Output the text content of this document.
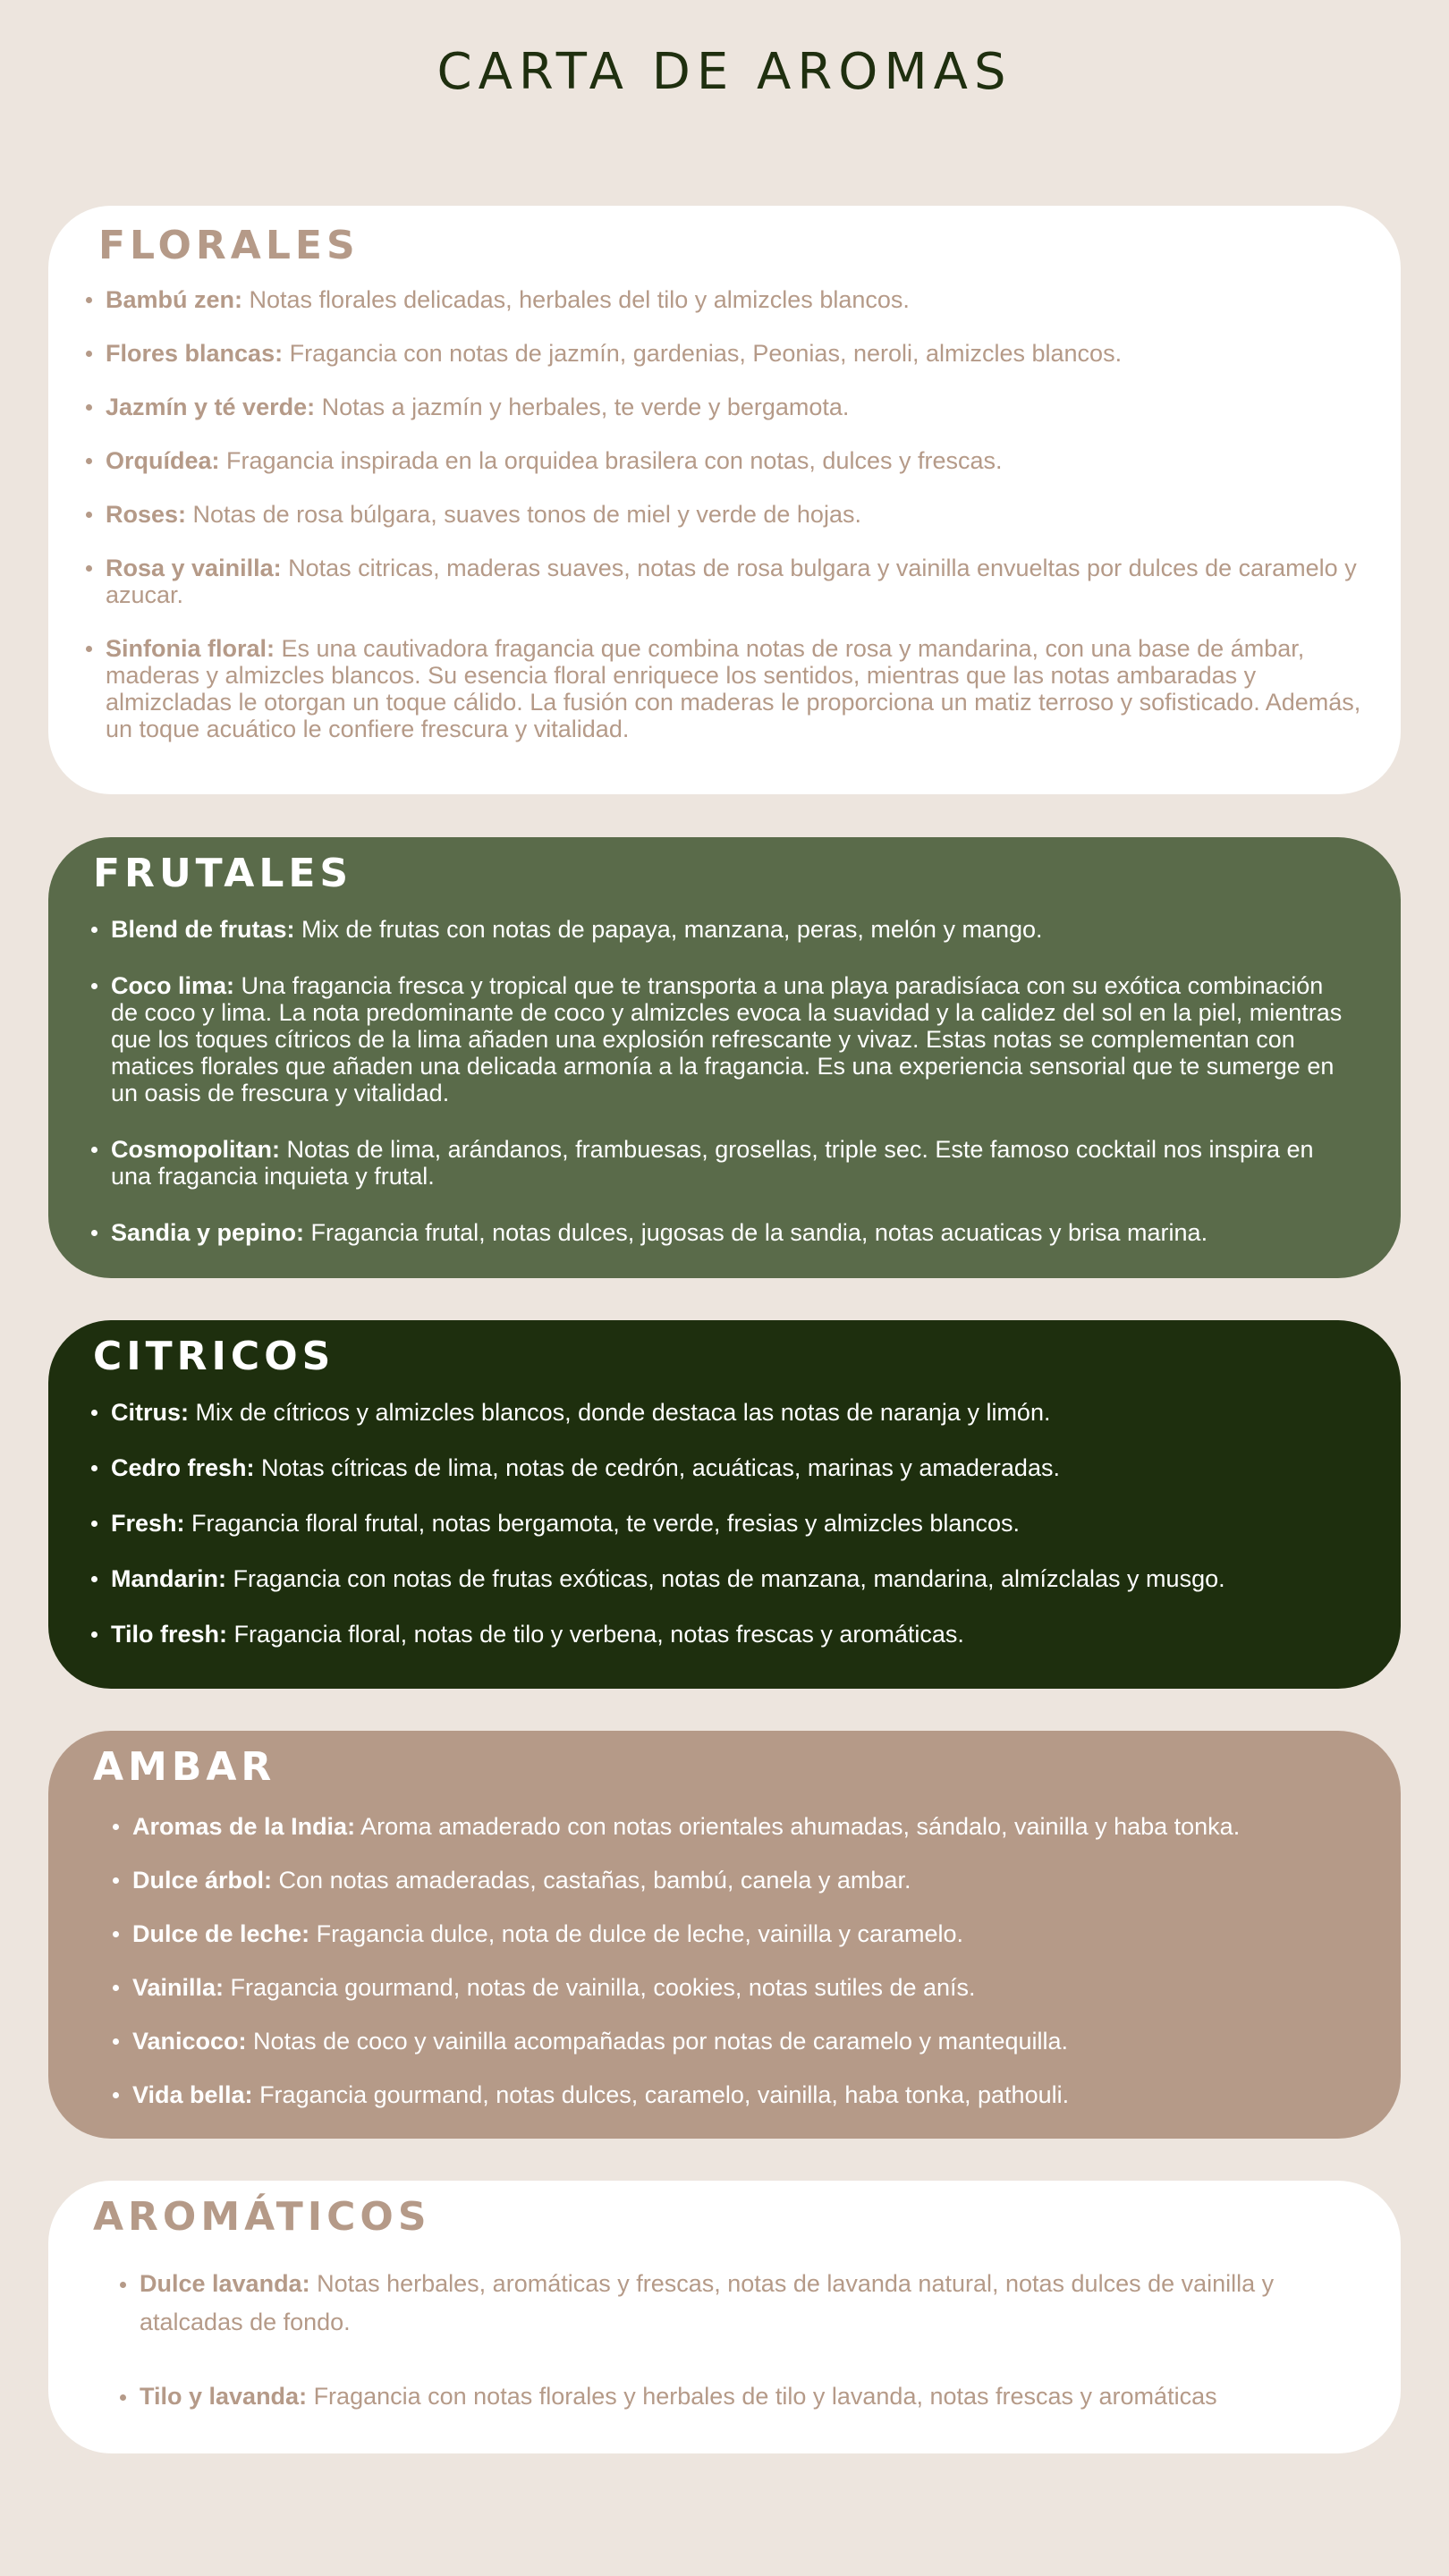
CARTA DE AROMAS
FLORALES
Bambú zen: Notas florales delicadas, herbales del tilo y almizcles blancos.
Flores blancas: Fragancia con notas de jazmín, gardenias, Peonias, neroli, almizcles blancos.
Jazmín y té verde: Notas a jazmín y herbales, te verde y bergamota.
Orquídea: Fragancia inspirada en la orquidea brasilera con notas, dulces y frescas.
Roses: Notas de rosa búlgara, suaves tonos de miel y verde de hojas.
Rosa y vainilla: Notas citricas, maderas suaves, notas de rosa bulgara y vainilla envueltas por dulces de caramelo y azucar.
Sinfonia floral: Es una cautivadora fragancia que combina notas de rosa y mandarina, con una base de ámbar, maderas y almizcles blancos. Su esencia floral enriquece los sentidos, mientras que las notas ambaradas y almizcladas le otorgan un toque cálido. La fusión con maderas le proporciona un matiz terroso y sofisticado. Además, un toque acuático le confiere frescura y vitalidad.
FRUTALES
Blend de frutas: Mix de frutas con notas de papaya, manzana, peras, melón y mango.
Coco lima: Una fragancia fresca y tropical que te transporta a una playa paradisíaca con su exótica combinación de coco y lima. La nota predominante de coco y almizcles evoca la suavidad y la calidez del sol en la piel, mientras que los toques cítricos de la lima añaden una explosión refrescante y vivaz. Estas notas se complementan con matices florales que añaden una delicada armonía a la fragancia. Es una experiencia sensorial que te sumerge en un oasis de frescura y vitalidad.
Cosmopolitan: Notas de lima, arándanos, frambuesas, grosellas, triple sec. Este famoso cocktail nos inspira en una fragancia inquieta y frutal.
Sandia y pepino: Fragancia frutal, notas dulces, jugosas de la sandia, notas acuaticas y brisa marina.
CITRICOS
Citrus: Mix de cítricos y almizcles blancos, donde destaca las notas de naranja y limón.
Cedro fresh: Notas cítricas de lima, notas de cedrón, acuáticas, marinas y amaderadas.
Fresh: Fragancia floral frutal, notas bergamota, te verde, fresias y almizcles blancos.
Mandarin: Fragancia con notas de frutas exóticas, notas de manzana, mandarina, almízclalas y musgo.
Tilo fresh: Fragancia floral, notas de tilo y verbena, notas frescas y aromáticas.
AMBAR
Aromas de la India: Aroma amaderado con notas orientales ahumadas, sándalo, vainilla y haba tonka.
Dulce árbol: Con notas amaderadas, castañas, bambú, canela y ambar.
Dulce de leche: Fragancia dulce, nota de dulce de leche, vainilla y caramelo.
Vainilla: Fragancia gourmand, notas de vainilla, cookies, notas sutiles de anís.
Vanicoco: Notas de coco y vainilla acompañadas por notas de caramelo y mantequilla.
Vida bella: Fragancia gourmand, notas dulces, caramelo, vainilla, haba tonka, pathouli.
AROMÁTICOS
Dulce lavanda: Notas herbales, aromáticas y frescas, notas de lavanda natural, notas dulces de vainilla y atalcadas de fondo.
Tilo y lavanda: Fragancia con notas florales y herbales de tilo y lavanda, notas frescas y aromáticas
